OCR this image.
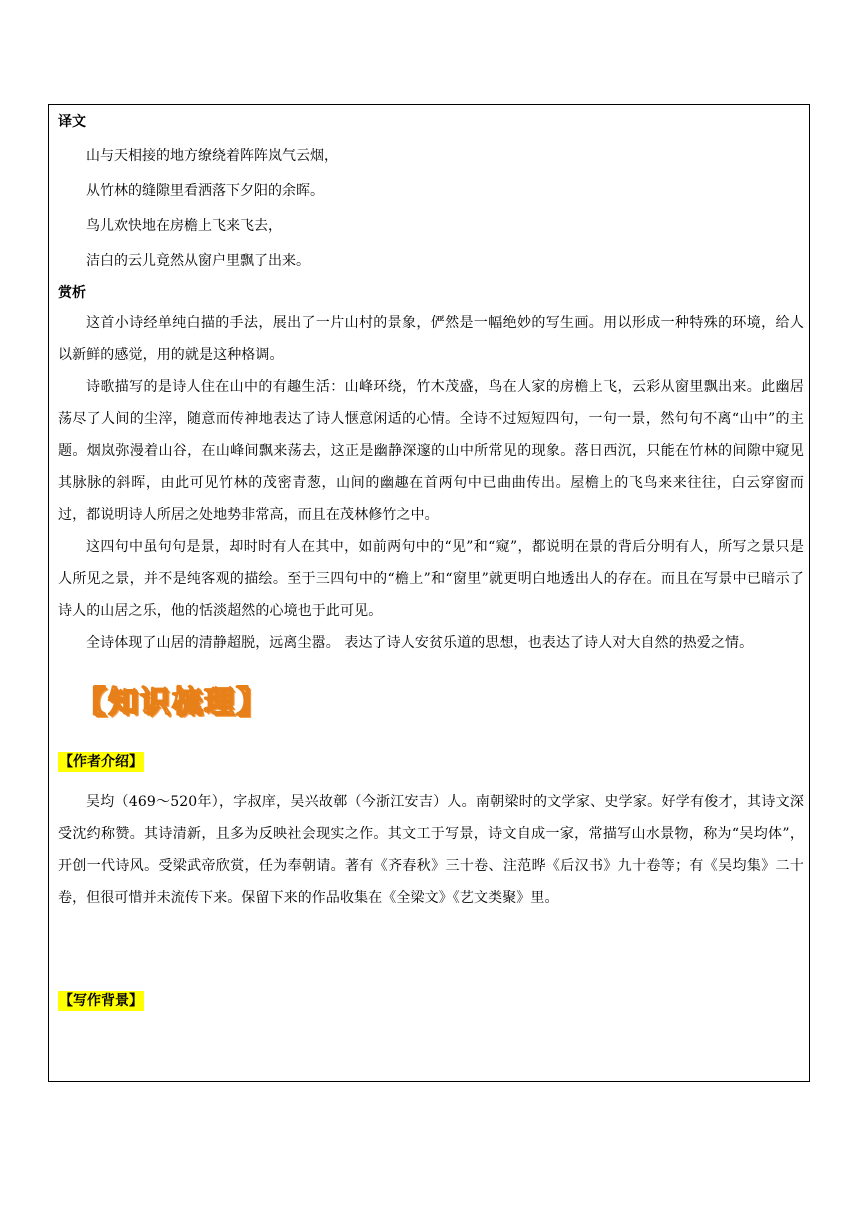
译文

山与天相接的地方缭绕着阵阵岚气云烟，

从竹林的缝隙里看洒落下夕阳的余晖。

鸟儿欢快地在房檐上飞来飞去，

洁白的云儿竟然从窗户里飘了出来。

赏析

这首小诗经单纯白描的手法，展出了一片山村的景象，俨然是一幅绝妙的写生画。用以形成一种特殊的环境，给人以新鲜的感觉，用的就是这种格调。

诗歌描写的是诗人住在山中的有趣生活：山峰环绕，竹木茂盛，鸟在人家的房檐上飞，云彩从窗里飘出来。此幽居荡尽了人间的尘滓，随意而传神地表达了诗人惬意闲适的心情。全诗不过短短四句，一句一景，然句句不离“山中”的主题。烟岚弥漫着山谷，在山峰间飘来荡去，这正是幽静深邃的山中所常见的现象。落日西沉，只能在竹林的间隙中窥见其脉脉的斜晖，由此可见竹林的茂密青葱，山间的幽趣在首两句中已曲曲传出。屋檐上的飞鸟来来往往，白云穿窗而过，都说明诗人所居之处地势非常高，而且在茂林修竹之中。

这四句中虽句句是景，却时时有人在其中，如前两句中的“见”和“窥”，都说明在景的背后分明有人，所写之景只是人所见之景，并不是纯客观的描绘。至于三四句中的“檐上”和“窗里”就更明白地透出人的存在。而且在写景中已暗示了诗人的山居之乐，他的恬淡超然的心境也于此可见。

全诗体现了山居的清静超脱，远离尘嚣。 表达了诗人安贫乐道的思想，也表达了诗人对大自然的热爱之情。

〖知识梳理〗
【作者介绍】

吴均（469～520年），字叔庠，吴兴故鄣（今浙江安吉）人。南朝梁时的文学家、史学家。好学有俊才，其诗文深受沈约称赞。其诗清新，且多为反映社会现实之作。其文工于写景，诗文自成一家，常描写山水景物，称为“吴均体”，开创一代诗风。受梁武帝欣赏，任为奉朝请。著有《齐春秋》三十卷、注范晔《后汉书》九十卷等；有《吴均集》二十卷，但很可惜并未流传下来。保留下来的作品收集在《全梁文》《艺文类聚》里。

【写作背景】
